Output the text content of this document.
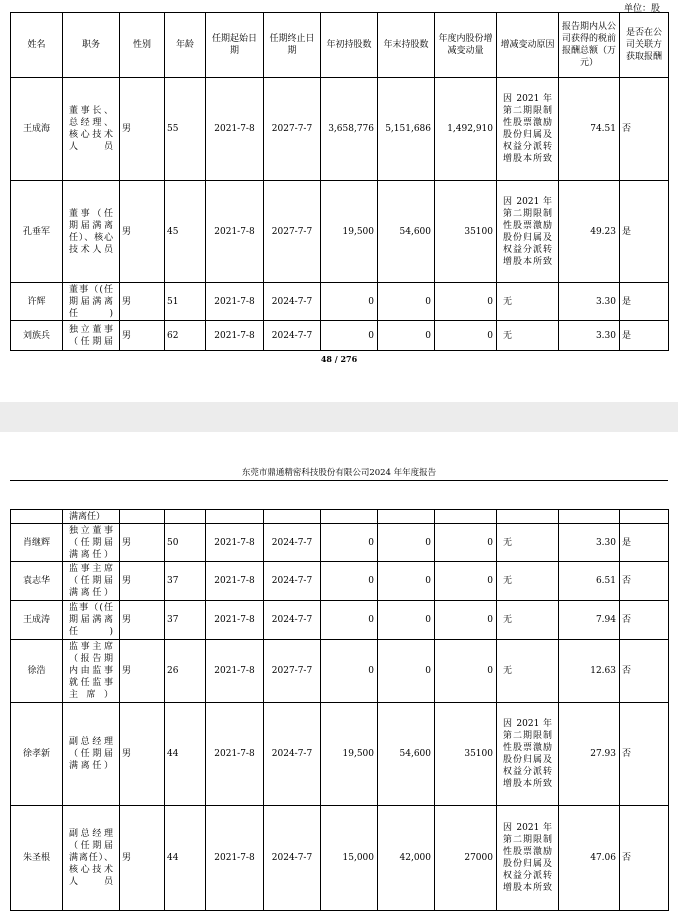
单位：股
姓名	职务	性别	年龄	任期起始日期	任期终止日期	年初持股数	年末持股数	年度内股份增减变动量	增减变动原因	报告期内从公司获得的税前报酬总额（万元）	是否在公司关联方获取报酬
王成海	董事长、总经理、核心技术人员	男	55	2021-7-8	2027-7-7	3,658,776	5,151,686	1,492,910	因 2021 年第二期限制性股票激励股份归属及权益分派转增股本所致	74.51	否
孔垂军	董事（任期届满离任）、核心技术人员	男	45	2021-7-8	2027-7-7	19,500	54,600	35100	因 2021 年第二期限制性股票激励股份归属及权益分派转增股本所致	49.23	是
许辉	董事（(任期届满离任)	男	51	2021-7-8	2024-7-7	0	0	0	无	3.30	是
刘族兵	独立董事（任期届	男	62	2021-7-8	2024-7-7	0	0	0	无	3.30	是
48 / 276
东莞市鼎通精密科技股份有限公司2024 年年度报告
	满离任）										
肖继辉	独立董事（任期届满离任）	男	50	2021-7-8	2024-7-7	0	0	0	无	3.30	是
袁志华	监事主席（任期届满离任）	男	37	2021-7-8	2024-7-7	0	0	0	无	6.51	否
王成涛	监事（(任期届满离任)	男	37	2021-7-8	2024-7-7	0	0	0	无	7.94	否
徐浩	监事主席（报告期内由监事就任监事主席）	男	26	2021-7-8	2027-7-7	0	0	0	无	12.63	否
徐孝新	副总经理（任期届满离任）	男	44	2021-7-8	2024-7-7	19,500	54,600	35100	因 2021 年第二期限制性股票激励股份归属及权益分派转增股本所致	27.93	否
朱圣根	副总经理（任期届满离任）、核心技术人员	男	44	2021-7-8	2024-7-7	15,000	42,000	27000	因 2021 年第二期限制性股票激励股份归属及权益分派转增股本所致	47.06	否
